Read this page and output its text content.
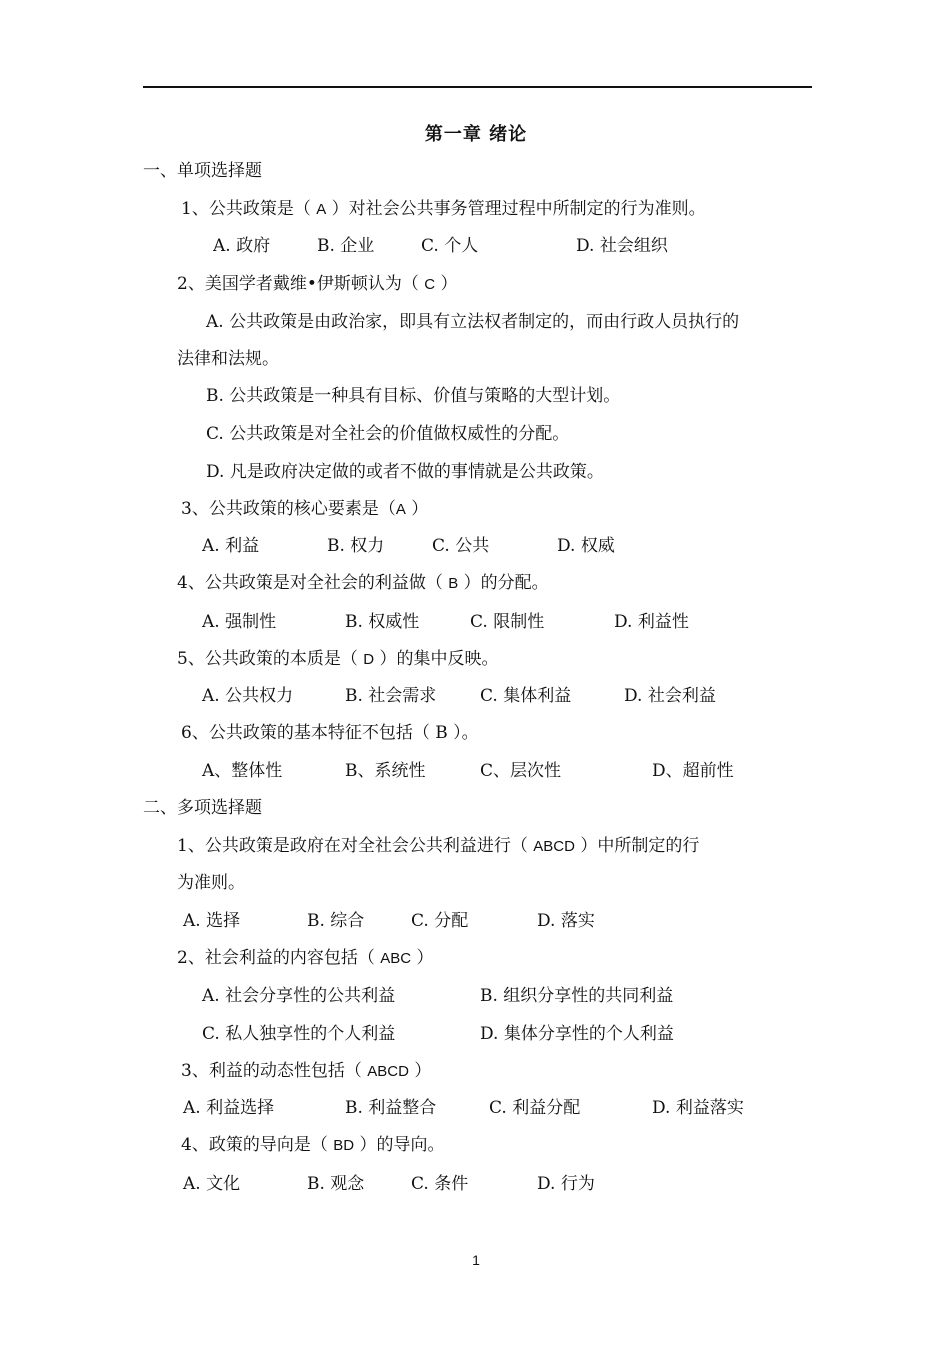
第一章 绪论
一、单项选择题
1、公共政策是（ A ）对社会公共事务管理过程中所制定的行为准则。
A. 政府	B. 企业	C. 个人	D. 社会组织
2、美国学者戴维•伊斯顿认为（ C ）
A. 公共政策是由政治家，即具有立法权者制定的，而由行政人员执行的
法律和法规。
B. 公共政策是一种具有目标、价值与策略的大型计划。
C. 公共政策是对全社会的价值做权威性的分配。
D. 凡是政府决定做的或者不做的事情就是公共政策。
3、公共政策的核心要素是（A ）
A. 利益	B. 权力	C. 公共	D. 权威
4、公共政策是对全社会的利益做（ B ）的分配。
A. 强制性	B. 权威性	C. 限制性	D. 利益性
5、公共政策的本质是（ D ）的集中反映。
A. 公共权力	B. 社会需求	C. 集体利益	D. 社会利益
6、公共政策的基本特征不包括（ B ）。
A、整体性	B、系统性	C、层次性	D、超前性
二、多项选择题
1、公共政策是政府在对全社会公共利益进行（ ABCD ）中所制定的行
为准则。
A. 选择	B. 综合	C. 分配	D. 落实
2、社会利益的内容包括（ ABC ）
A. 社会分享性的公共利益	B. 组织分享性的共同利益
C. 私人独享性的个人利益	D. 集体分享性的个人利益
3、利益的动态性包括（ ABCD ）
A. 利益选择	B. 利益整合	C. 利益分配	D. 利益落实
4、政策的导向是（ BD ）的导向。
A. 文化	B. 观念	C. 条件	D. 行为
1
